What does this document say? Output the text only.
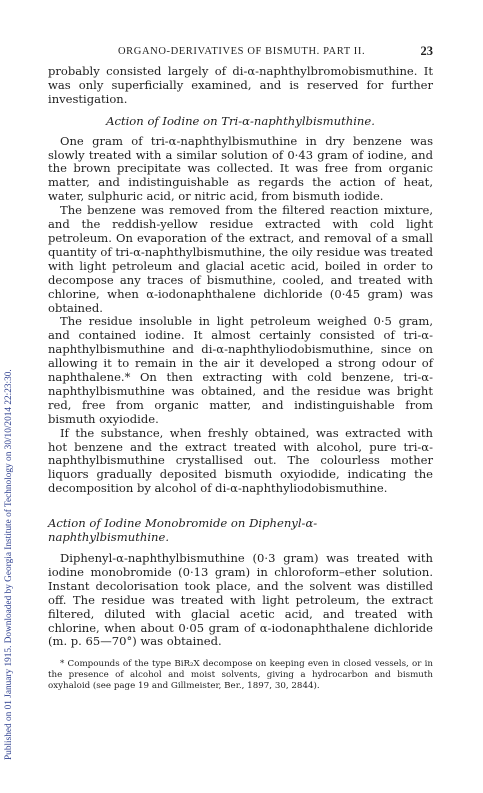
Published on 01 January 1915. Downloaded by Georgia Institute of Technology on 30/10/2014 22:23:30.
ORGANO-DERIVATIVES OF BISMUTH. PART II.	23

probably consisted largely of di-α-naphthylbromobismuthine. It was only superficially examined, and is reserved for further investigation.

Action of Iodine on Tri-α-naphthylbismuthine.

One gram of tri-α-naphthylbismuthine in dry benzene was slowly treated with a similar solution of 0·43 gram of iodine, and the brown precipitate was collected. It was free from organic matter, and indistinguishable as regards the action of heat, water, sulphuric acid, or nitric acid, from bismuth iodide.

The benzene was removed from the filtered reaction mixture, and the reddish-yellow residue extracted with cold light petroleum. On evaporation of the extract, and removal of a small quantity of tri-α-naphthylbismuthine, the oily residue was treated with light petroleum and glacial acetic acid, boiled in order to decompose any traces of bismuthine, cooled, and treated with chlorine, when α-iodonaphthalene dichloride (0·45 gram) was obtained.

The residue insoluble in light petroleum weighed 0·5 gram, and contained iodine. It almost certainly consisted of tri-α-naphthylbismuthine and di-α-naphthyliodobismuthine, since on allowing it to remain in the air it developed a strong odour of naphthalene.* On then extracting with cold benzene, tri-α-naphthylbismuthine was obtained, and the residue was bright red, free from organic matter, and indistinguishable from bismuth oxyiodide.

If the substance, when freshly obtained, was extracted with hot benzene and the extract treated with alcohol, pure tri-α-naphthylbismuthine crystallised out. The colourless mother liquors gradually deposited bismuth oxyiodide, indicating the decomposition by alcohol of di-α-naphthyliodobismuthine.

Action of Iodine Monobromide on Diphenyl-α-naphthylbismuthine.

Diphenyl-α-naphthylbismuthine (0·3 gram) was treated with iodine monobromide (0·13 gram) in chloroform–ether solution. Instant decolorisation took place, and the solvent was distilled off. The residue was treated with light petroleum, the extract filtered, diluted with glacial acetic acid, and treated with chlorine, when about 0·05 gram of α-iodonaphthalene dichloride (m. p. 65—70°) was obtained.

* Compounds of the type BiR₂X decompose on keeping even in closed vessels, or in the presence of alcohol and moist solvents, giving a hydrocarbon and bismuth oxyhaloid (see page 19 and Gillmeister, Ber., 1897, 30, 2844).
